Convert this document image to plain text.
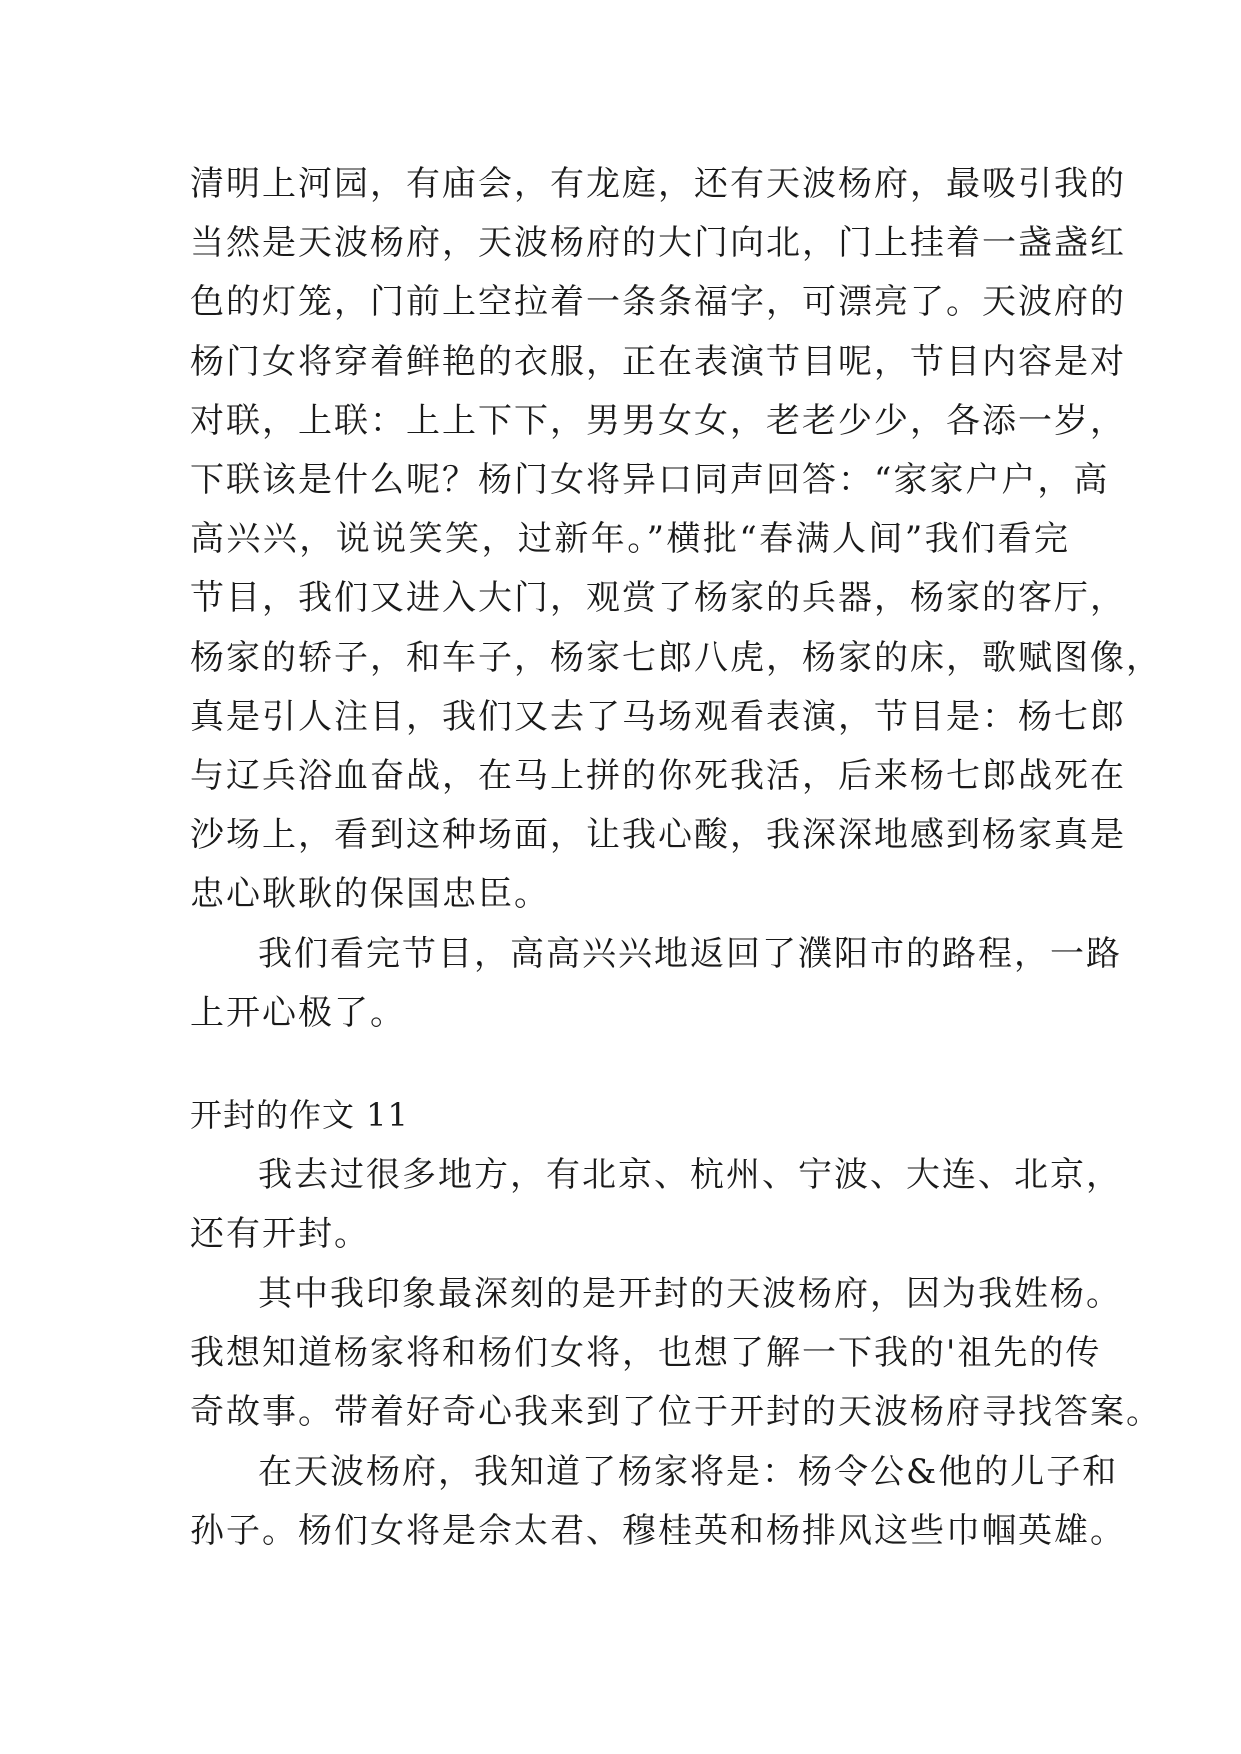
清明上河园，有庙会，有龙庭，还有天波杨府，最吸引我的
当然是天波杨府，天波杨府的大门向北，门上挂着一盏盏红
色的灯笼，门前上空拉着一条条福字，可漂亮了。天波府的
杨门女将穿着鲜艳的衣服，正在表演节目呢，节目内容是对
对联，上联：上上下下，男男女女，老老少少，各添一岁，
下联该是什么呢？杨门女将异口同声回答：“家家户户，高
高兴兴，说说笑笑，过新年。”横批“春满人间”我们看完
节目，我们又进入大门，观赏了杨家的兵器，杨家的客厅，
杨家的轿子，和车子，杨家七郎八虎，杨家的床，歌赋图像，
真是引人注目，我们又去了马场观看表演，节目是：杨七郎
与辽兵浴血奋战，在马上拼的你死我活，后来杨七郎战死在
沙场上，看到这种场面，让我心酸，我深深地感到杨家真是
忠心耿耿的保国忠臣。
我们看完节目，高高兴兴地返回了濮阳市的路程，一路
上开心极了。
开封的作文 11
我去过很多地方，有北京、杭州、宁波、大连、北京，
还有开封。
其中我印象最深刻的是开封的天波杨府，因为我姓杨。
我想知道杨家将和杨们女将，也想了解一下我的'祖先的传
奇故事。带着好奇心我来到了位于开封的天波杨府寻找答案。
在天波杨府，我知道了杨家将是：杨令公&他的儿子和
孙子。杨们女将是佘太君、穆桂英和杨排风这些巾帼英雄。
